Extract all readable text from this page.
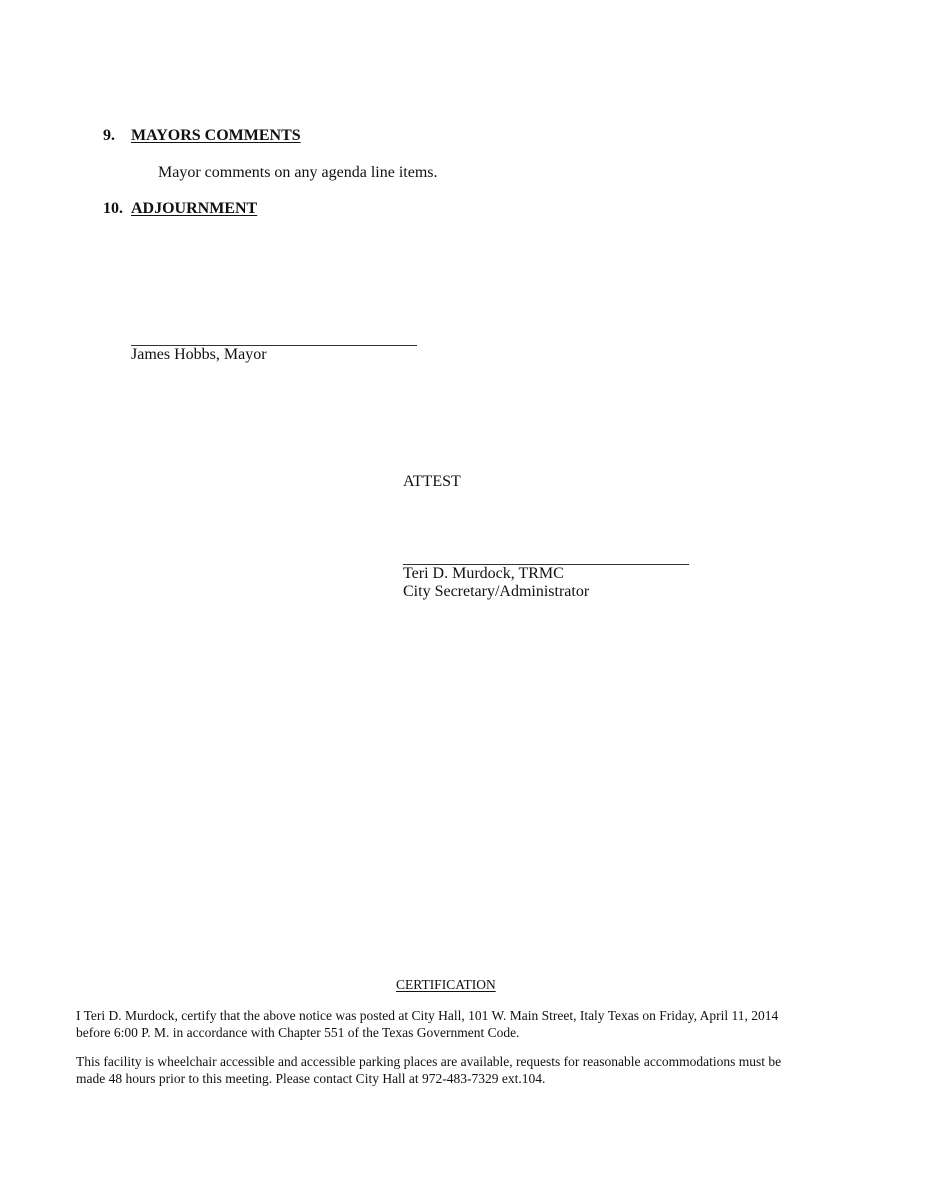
9. MAYORS COMMENTS
Mayor comments on any agenda line items.
10. ADJOURNMENT
James Hobbs, Mayor
ATTEST
Teri D. Murdock, TRMC
City Secretary/Administrator
CERTIFICATION
I Teri D. Murdock, certify that the above notice was posted at City Hall, 101 W. Main Street, Italy Texas on Friday, April 11, 2014
before 6:00 P. M. in accordance with Chapter 551 of the Texas Government Code.
This facility is wheelchair accessible and accessible parking places are available, requests for reasonable accommodations must be
made 48 hours prior to this meeting. Please contact City Hall at 972-483-7329 ext.104.
